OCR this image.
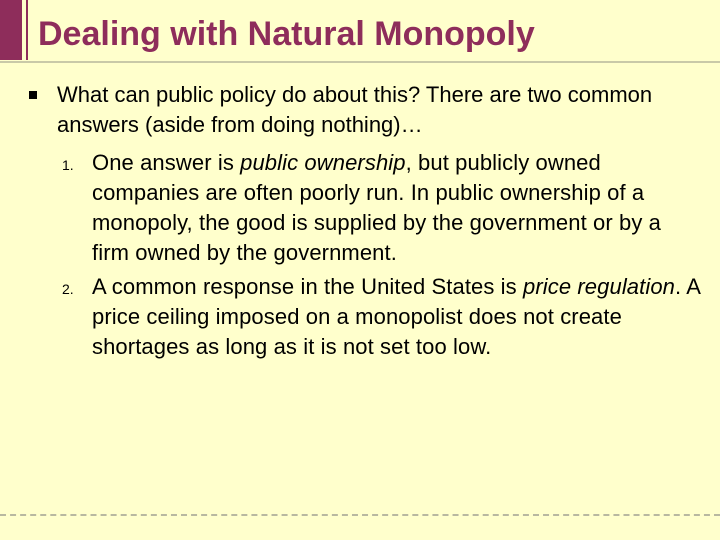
Dealing with Natural Monopoly
What can public policy do about this? There are two common answers (aside from doing nothing)…
1. One answer is public ownership, but publicly owned companies are often poorly run. In public ownership of a monopoly, the good is supplied by the government or by a firm owned by the government.
2. A common response in the United States is price regulation. A price ceiling imposed on a monopolist does not create shortages as long as it is not set too low.
